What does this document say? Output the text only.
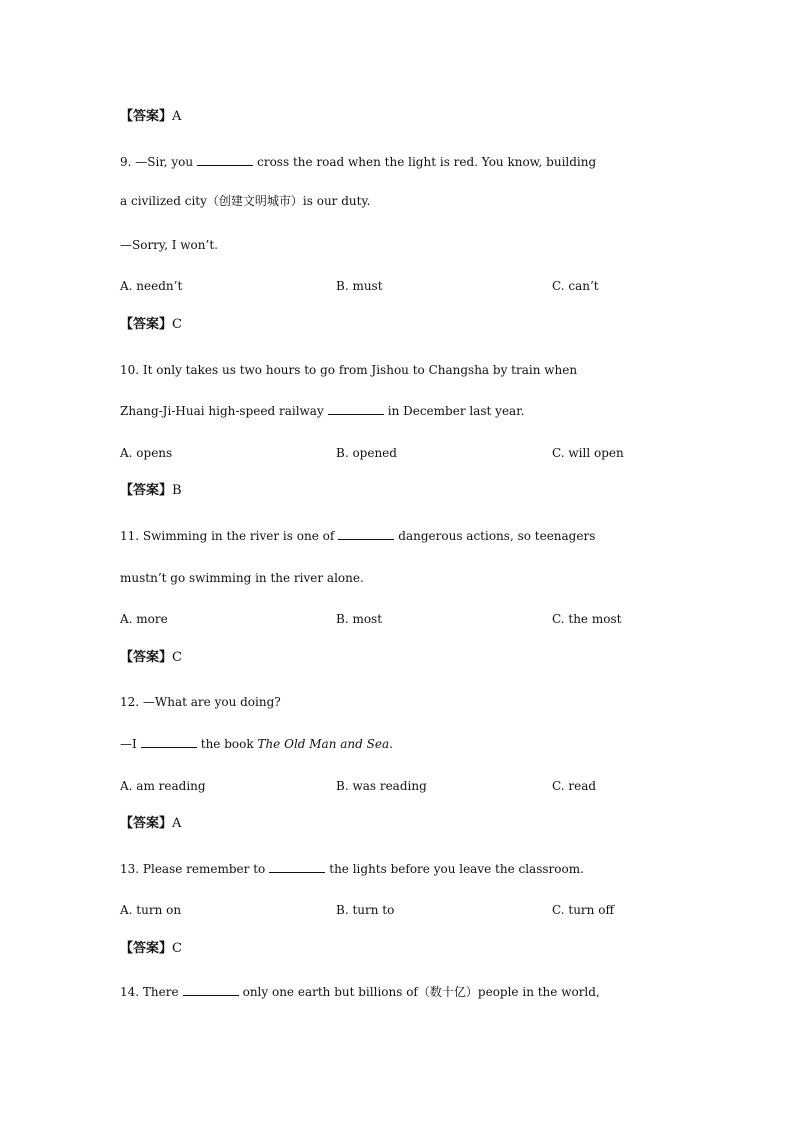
【答案】A
9. —Sir, you	cross the road when the light is red. You know, building
a civilized city（创建文明城市）is our duty.
—Sorry, I won’t.
A. needn’t	B. must	C. can’t
【答案】C
10. It only takes us two hours to go from Jishou to Changsha by train when
Zhang-Ji-Huai high-speed railway	in December last year.
A. opens	B. opened	C. will open
【答案】B
11. Swimming in the river is one of	dangerous actions, so teenagers
mustn’t go swimming in the river alone.
A. more	B. most	C. the most
【答案】C
12. —What are you doing?
—I	the book The Old Man and Sea.
A. am reading	B. was reading	C. read
【答案】A
13. Please remember to	the lights before you leave the classroom.
A. turn on	B. turn to	C. turn off
【答案】C
14. There	only one earth but billions of（数十亿）people in the world,
